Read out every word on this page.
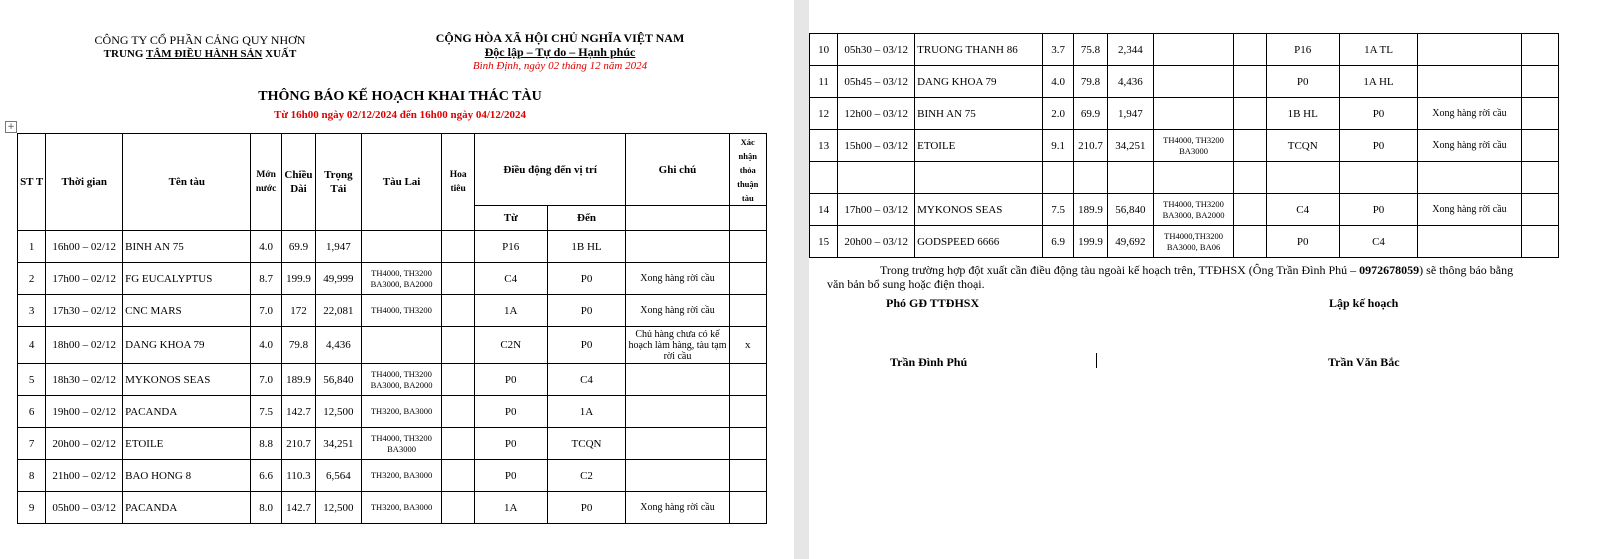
CÔNG TY CỔ PHẦN CẢNG QUY NHƠN
TRUNG TÂM ĐIỀU HÀNH SẢN XUẤT
CỘNG HÒA XÃ HỘI CHỦ NGHĨA VIỆT NAM
Độc lập – Tự do – Hạnh phúc
Bình Định, ngày 02 tháng 12 năm 2024
THÔNG BÁO KẾ HOẠCH KHAI THÁC TÀU
Từ 16h00 ngày 02/12/2024 đến 16h00 ngày 04/12/2024
+
ST T	Thời gian	Tên tàu	Mớn nước	Chiều Dài	Trọng Tải	Tàu Lai	Hoa tiêu	Điều động đến vị trí		Ghi chú	Xác nhận thỏa thuận tàu
								Từ	Đến		
1	16h00 – 02/12	BINH AN 75	4.0	69.9	1,947			P16	1B HL		
2	17h00 – 02/12	FG EUCALYPTUS	8.7	199.9	49,999	TH4000, TH3200 BA3000, BA2000		C4	P0	Xong hàng rời cầu	
3	17h30 – 02/12	CNC MARS	7.0	172	22,081	TH4000, TH3200		1A	P0	Xong hàng rời cầu	
4	18h00 – 02/12	DANG KHOA 79	4.0	79.8	4,436			C2N	P0	Chủ hàng chưa có kế hoạch làm hàng, tàu tạm rời cầu	x
5	18h30 – 02/12	MYKONOS SEAS	7.0	189.9	56,840	TH4000, TH3200 BA3000, BA2000		P0	C4		
6	19h00 – 02/12	PACANDA	7.5	142.7	12,500	TH3200, BA3000		P0	1A		
7	20h00 – 02/12	ETOILE	8.8	210.7	34,251	TH4000, TH3200 BA3000		P0	TCQN		
8	21h00 – 02/12	BAO HONG 8	6.6	110.3	6,564	TH3200, BA3000		P0	C2		
9	05h00 – 03/12	PACANDA	8.0	142.7	12,500	TH3200, BA3000		1A	P0	Xong hàng rời cầu	
10	05h30 – 03/12	TRUONG THANH 86	3.7	75.8	2,344			P16	1A TL		
11	05h45 – 03/12	DANG KHOA 79	4.0	79.8	4,436			P0	1A HL		
12	12h00 – 03/12	BINH AN 75	2.0	69.9	1,947			1B HL	P0	Xong hàng rời cầu	
13	15h00 – 03/12	ETOILE	9.1	210.7	34,251	TH4000, TH3200 BA3000		TCQN	P0	Xong hàng rời cầu	

14	17h00 – 03/12	MYKONOS SEAS	7.5	189.9	56,840	TH4000, TH3200 BA3000, BA2000		C4	P0	Xong hàng rời cầu	
15	20h00 – 03/12	GODSPEED 6666	6.9	199.9	49,692	TH4000,TH3200 BA3000, BA06		P0	C4		
Trong trường hợp đột xuất cần điều động tàu ngoài kế hoạch trên, TTĐHSX (Ông Trần Đình Phú – 0972678059) sẽ thông báo bằng
văn bản bổ sung hoặc điện thoại.
Phó GĐ TTĐHSX	Lập kế hoạch
Trần Đình Phú	Trần Văn Bắc
